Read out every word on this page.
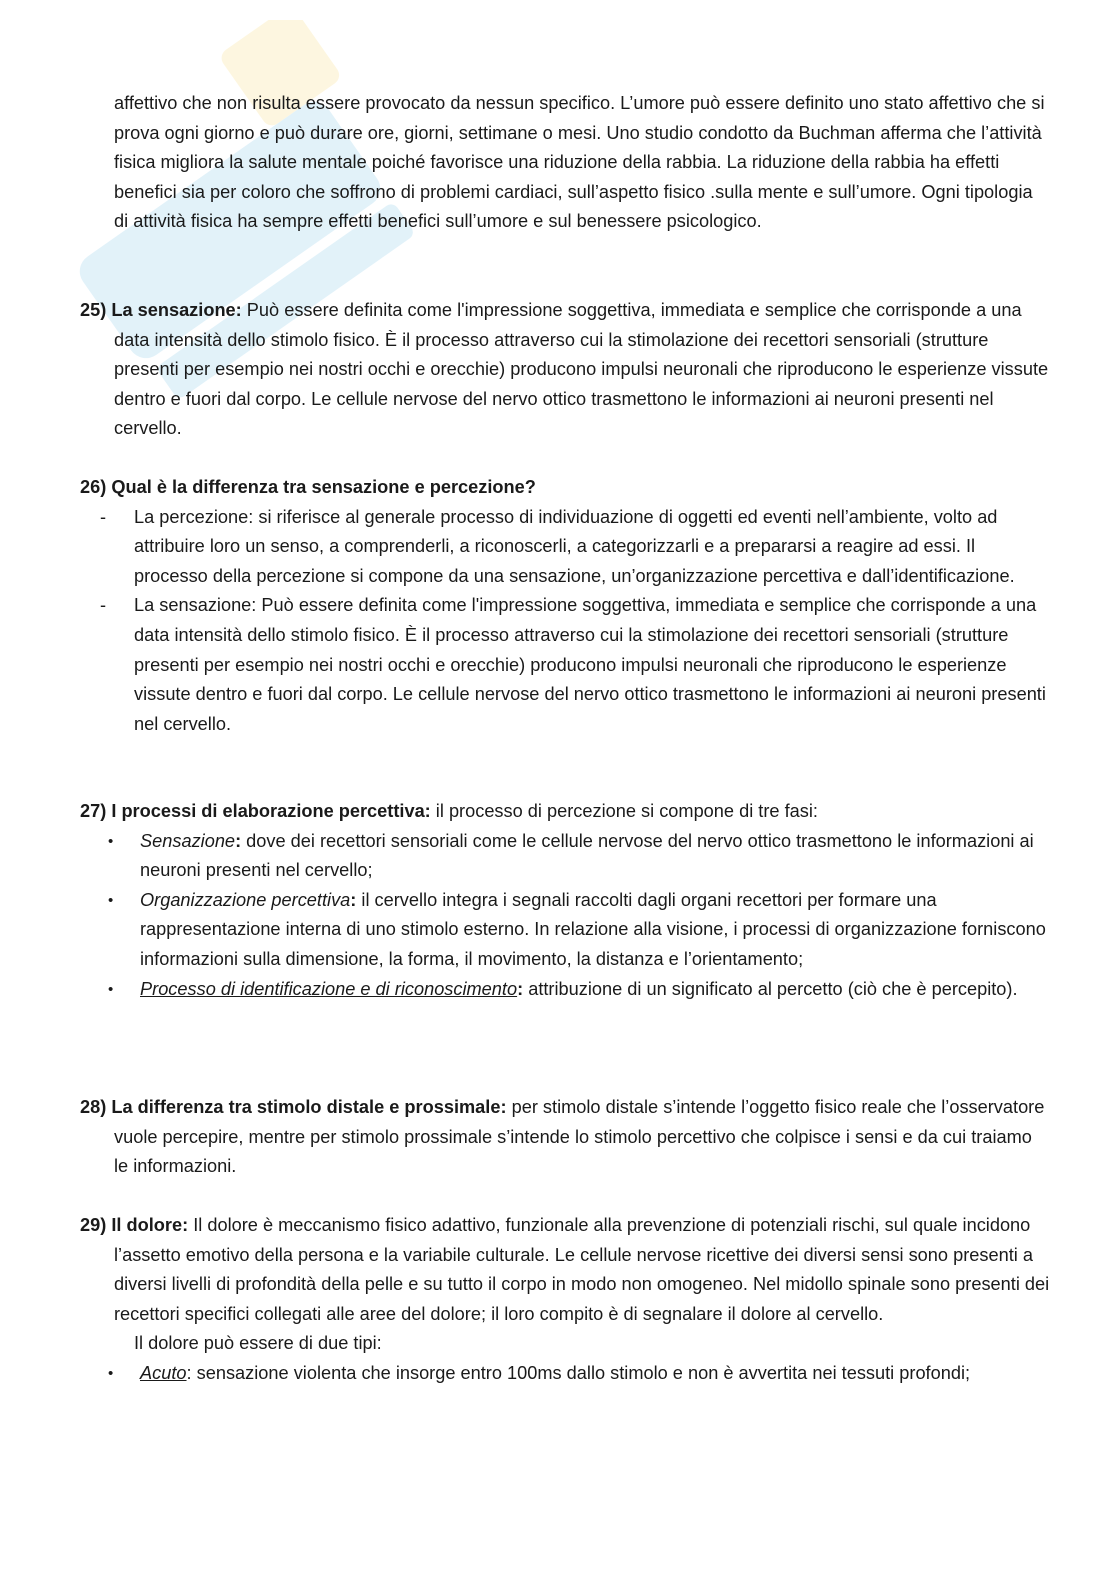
affettivo che non risulta essere provocato da nessun specifico. L’umore può essere definito uno stato affettivo che si prova ogni giorno e può durare ore, giorni, settimane o mesi. Uno studio condotto da Buchman afferma che l’attività fisica migliora la salute mentale poiché favorisce una riduzione della rabbia. La riduzione della rabbia ha effetti benefici sia per coloro che soffrono di problemi cardiaci, sull’aspetto fisico .sulla mente e sull’umore. Ogni tipologia di attività fisica ha sempre effetti benefici sull’umore e sul benessere psicologico.

25) La sensazione: Può essere definita come l'impressione soggettiva, immediata e semplice che corrisponde a una data intensità dello stimolo fisico. È il processo attraverso cui la stimolazione dei recettori sensoriali (strutture presenti per esempio nei nostri occhi e orecchie) producono impulsi neuronali che riproducono le esperienze vissute dentro e fuori dal corpo. Le cellule nervose del nervo ottico trasmettono le informazioni ai neuroni presenti nel cervello.

26) Qual è la differenza tra sensazione e percezione?

- La percezione: si riferisce al generale processo di individuazione di oggetti ed eventi nell’ambiente, volto ad attribuire loro un senso, a comprenderli, a riconoscerli, a categorizzarli e a prepararsi a reagire ad essi. Il processo della percezione si compone da una sensazione, un’organizzazione percettiva e dall’identificazione.
- La sensazione: Può essere definita come l'impressione soggettiva, immediata e semplice che corrisponde a una data intensità dello stimolo fisico. È il processo attraverso cui la stimolazione dei recettori sensoriali (strutture presenti per esempio nei nostri occhi e orecchie) producono impulsi neuronali che riproducono le esperienze vissute dentro e fuori dal corpo. Le cellule nervose del nervo ottico trasmettono le informazioni ai neuroni presenti nel cervello.

27) I processi di elaborazione percettiva: il processo di percezione si compone di tre fasi:

• Sensazione: dove dei recettori sensoriali come le cellule nervose del nervo ottico trasmettono le informazioni ai neuroni presenti nel cervello;
• Organizzazione percettiva: il cervello integra i segnali raccolti dagli organi recettori per formare una rappresentazione interna di uno stimolo esterno. In relazione alla visione, i processi di organizzazione forniscono informazioni sulla dimensione, la forma, il movimento, la distanza e l’orientamento;
• Processo di identificazione e di riconoscimento: attribuzione di un significato al percetto (ciò che è percepito).

28) La differenza tra stimolo distale e prossimale: per stimolo distale s’intende l’oggetto fisico reale che l’osservatore vuole percepire, mentre per stimolo prossimale s’intende lo stimolo percettivo che colpisce i sensi e da cui traiamo le informazioni.

29) Il dolore: Il dolore è meccanismo fisico adattivo, funzionale alla prevenzione di potenziali rischi, sul quale incidono l’assetto emotivo della persona e la variabile culturale. Le cellule nervose ricettive dei diversi sensi sono presenti a diversi livelli di profondità della pelle e su tutto il corpo in modo non omogeneo. Nel midollo spinale sono presenti dei recettori specifici collegati alle aree del dolore; il loro compito è di segnalare il dolore al cervello.

Il dolore può essere di due tipi:

• Acuto: sensazione violenta che insorge entro 100ms dallo stimolo e non è avvertita nei tessuti profondi;
